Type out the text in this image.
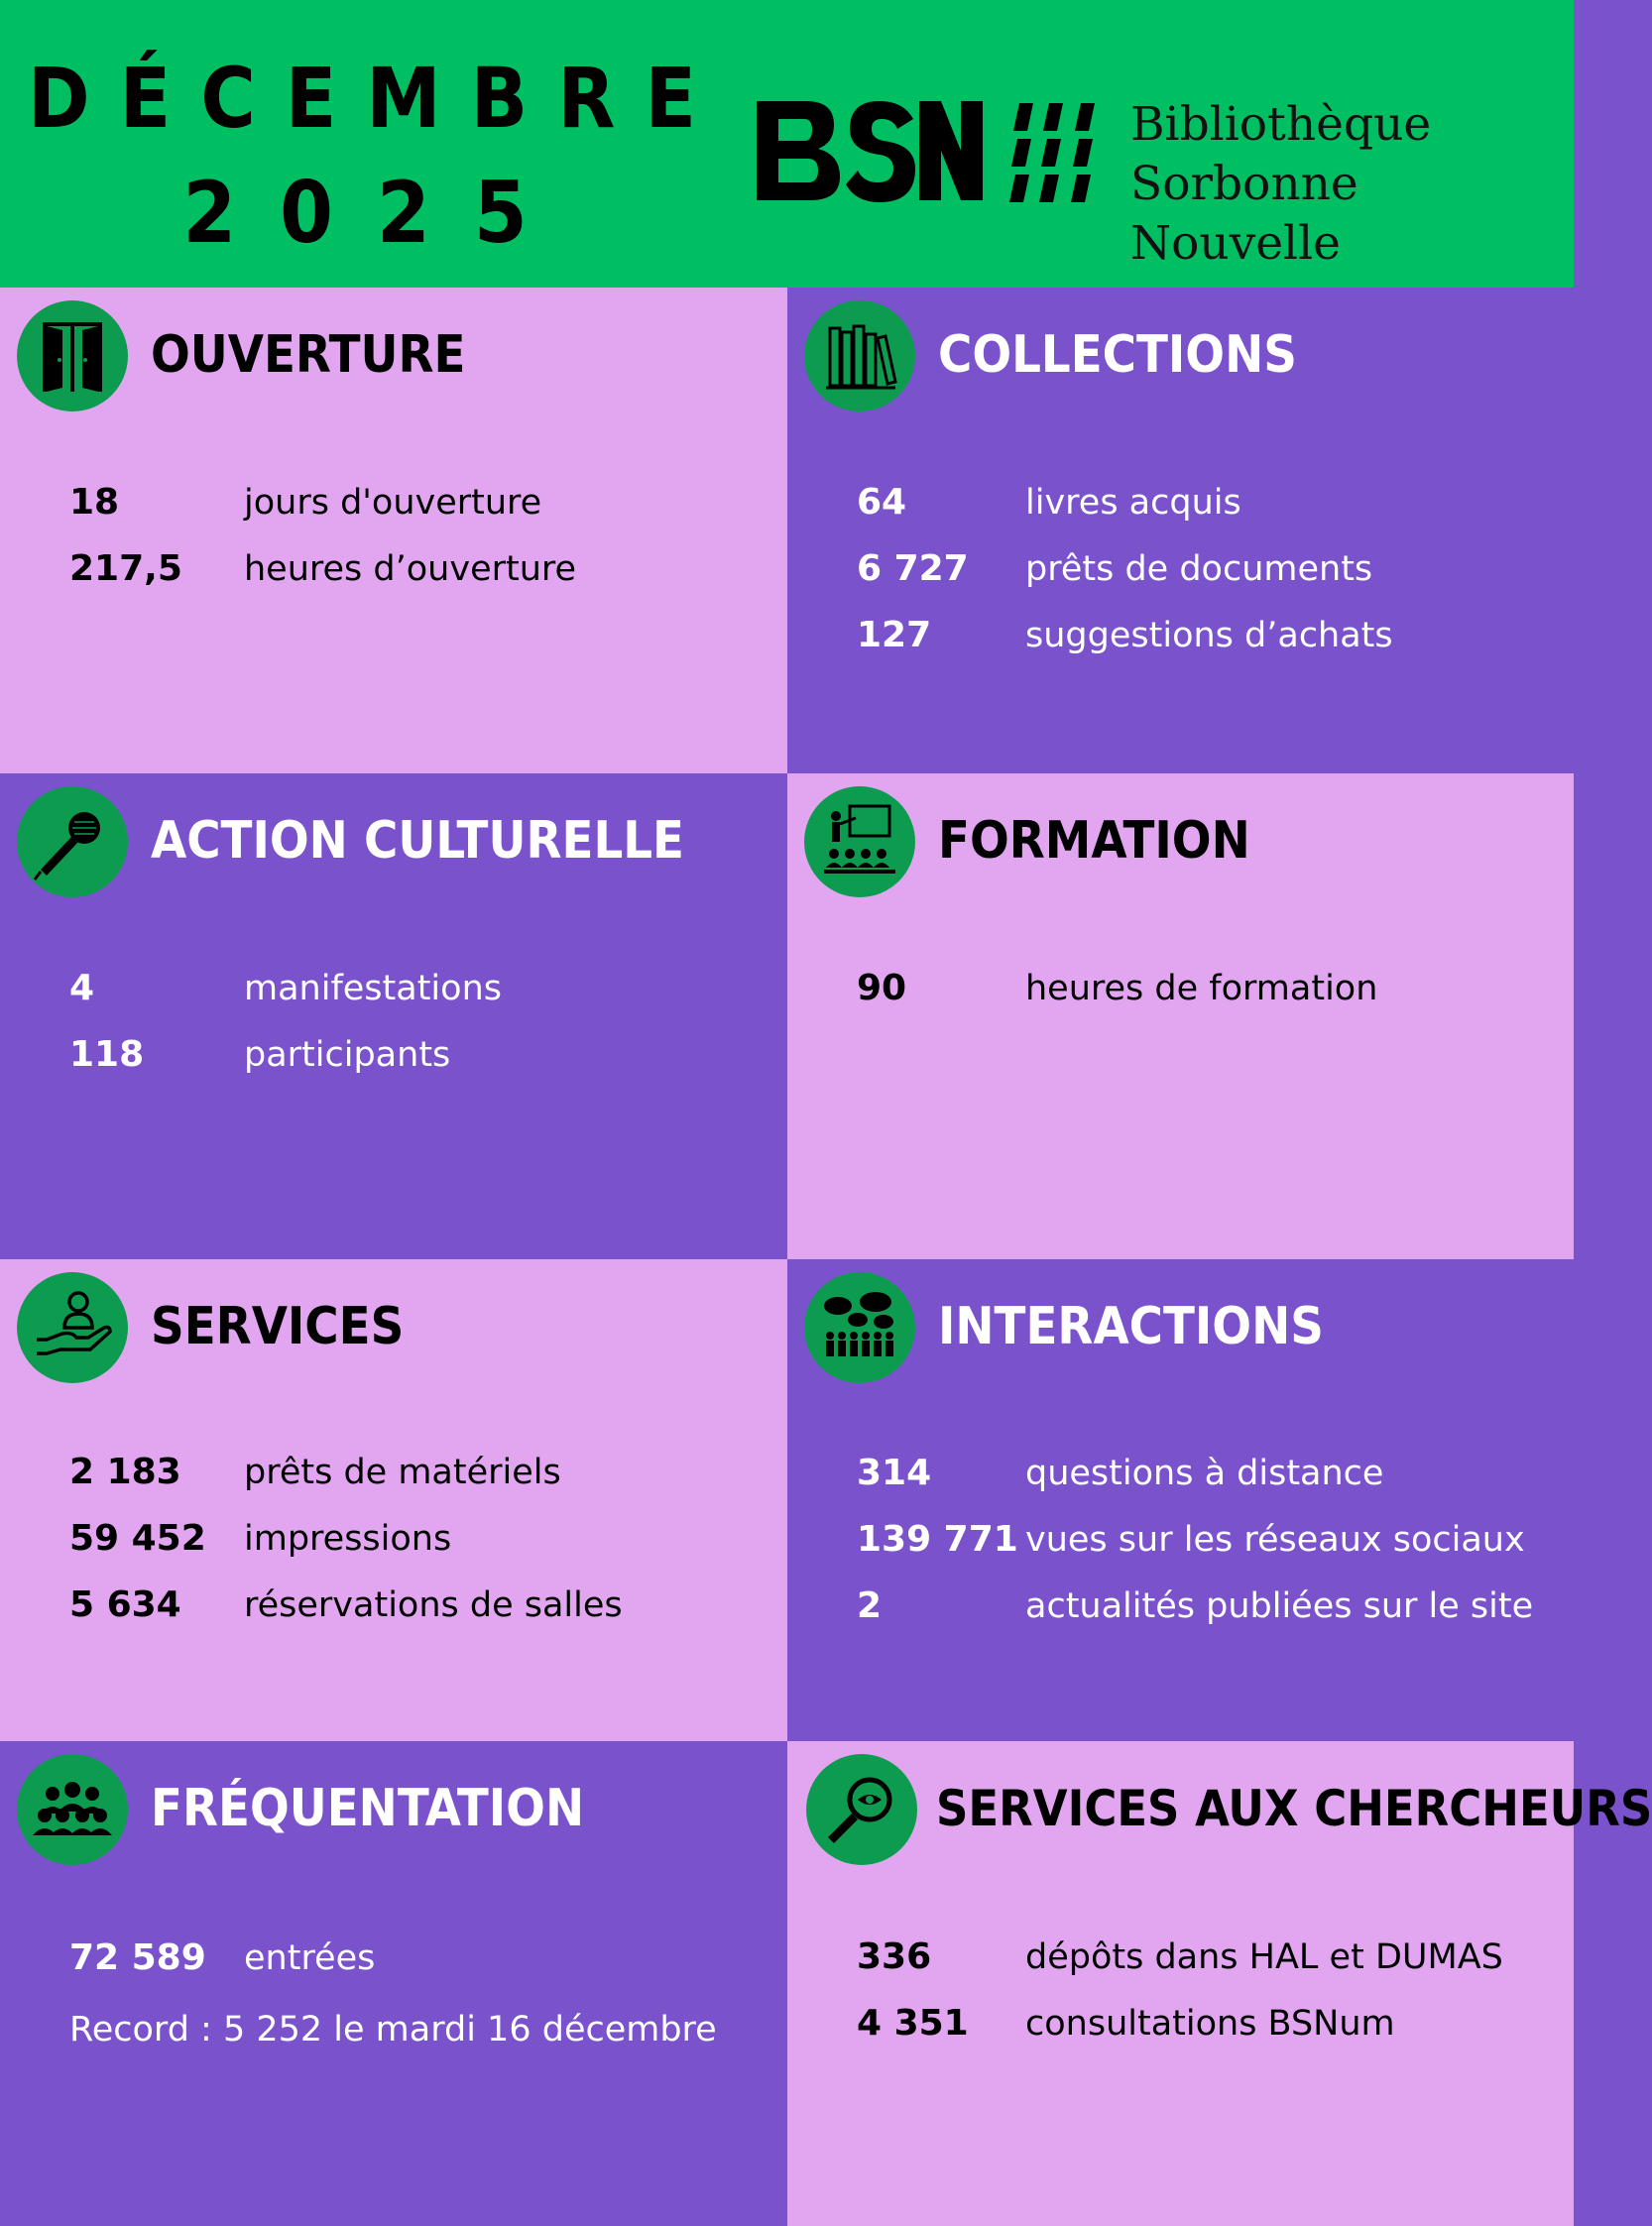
DÉCEMBRE
2025
Bibliothèque
Sorbonne Nouvelle
OUVERTURE
18	jours d'ouverture
217,5 heures d’ouverture
COLLECTIONS
64	livres acquis
6 727 prêts de documents
127	suggestions d’achats
ACTION CULTURELLE
4	manifestations
118	participants
FORMATION
90	heures de formation
SERVICES
2 183 prêts de matériels
59 452 impressions
5 634 réservations de salles
INTERACTIONS
314	questions à distance
139 771 vues sur les réseaux sociaux
2	actualités publiées sur le site
FRÉQUENTATION
72 589 entrées
Record : 5 252 le mardi 16 décembre
SERVICES AUX CHERCHEURS
336	dépôts dans HAL et DUMAS
4 351 consultations BSNum
